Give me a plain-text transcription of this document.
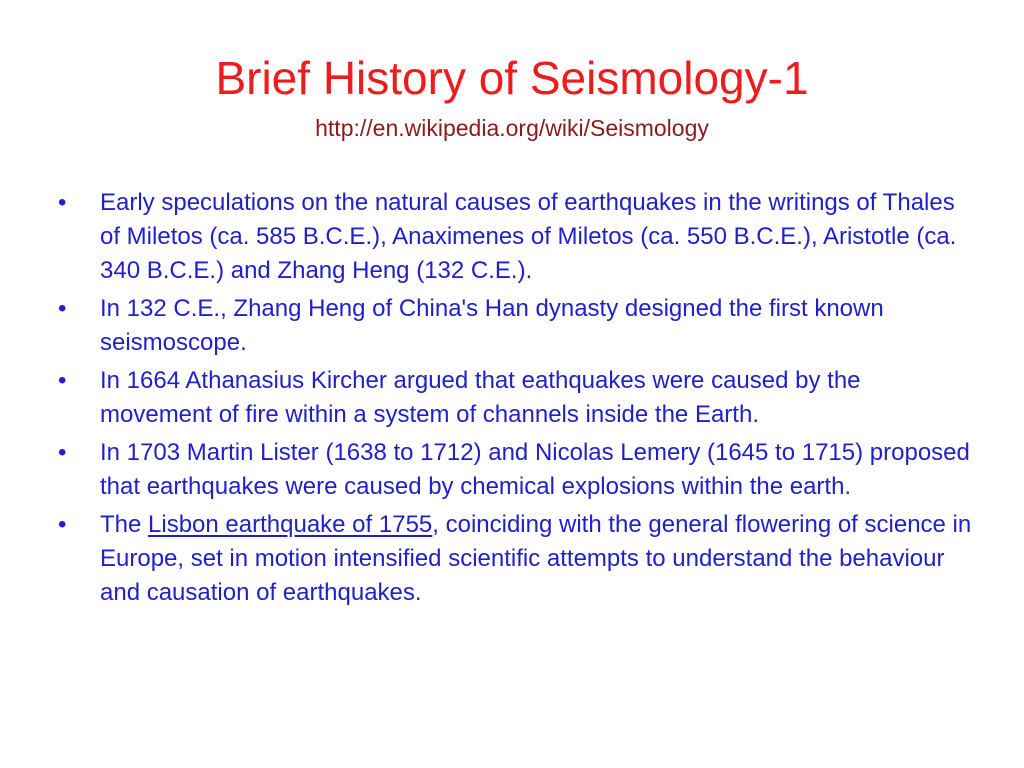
Brief History of Seismology-1
http://en.wikipedia.org/wiki/Seismology
• Early speculations on the natural causes of earthquakes in the writings of Thales of Miletos (ca. 585 B.C.E.), Anaximenes of Miletos (ca. 550 B.C.E.), Aristotle (ca. 340 B.C.E.) and Zhang Heng (132 C.E.).
• In 132 C.E., Zhang Heng of China's Han dynasty designed the first known seismoscope.
• In 1664 Athanasius Kircher argued that eathquakes were caused by the movement of fire within a system of channels inside the Earth.
• In 1703 Martin Lister (1638 to 1712) and Nicolas Lemery (1645 to 1715) proposed that earthquakes were caused by chemical explosions within the earth.
• The Lisbon earthquake of 1755, coinciding with the general flowering of science in Europe, set in motion intensified scientific attempts to understand the behaviour and causation of earthquakes.
